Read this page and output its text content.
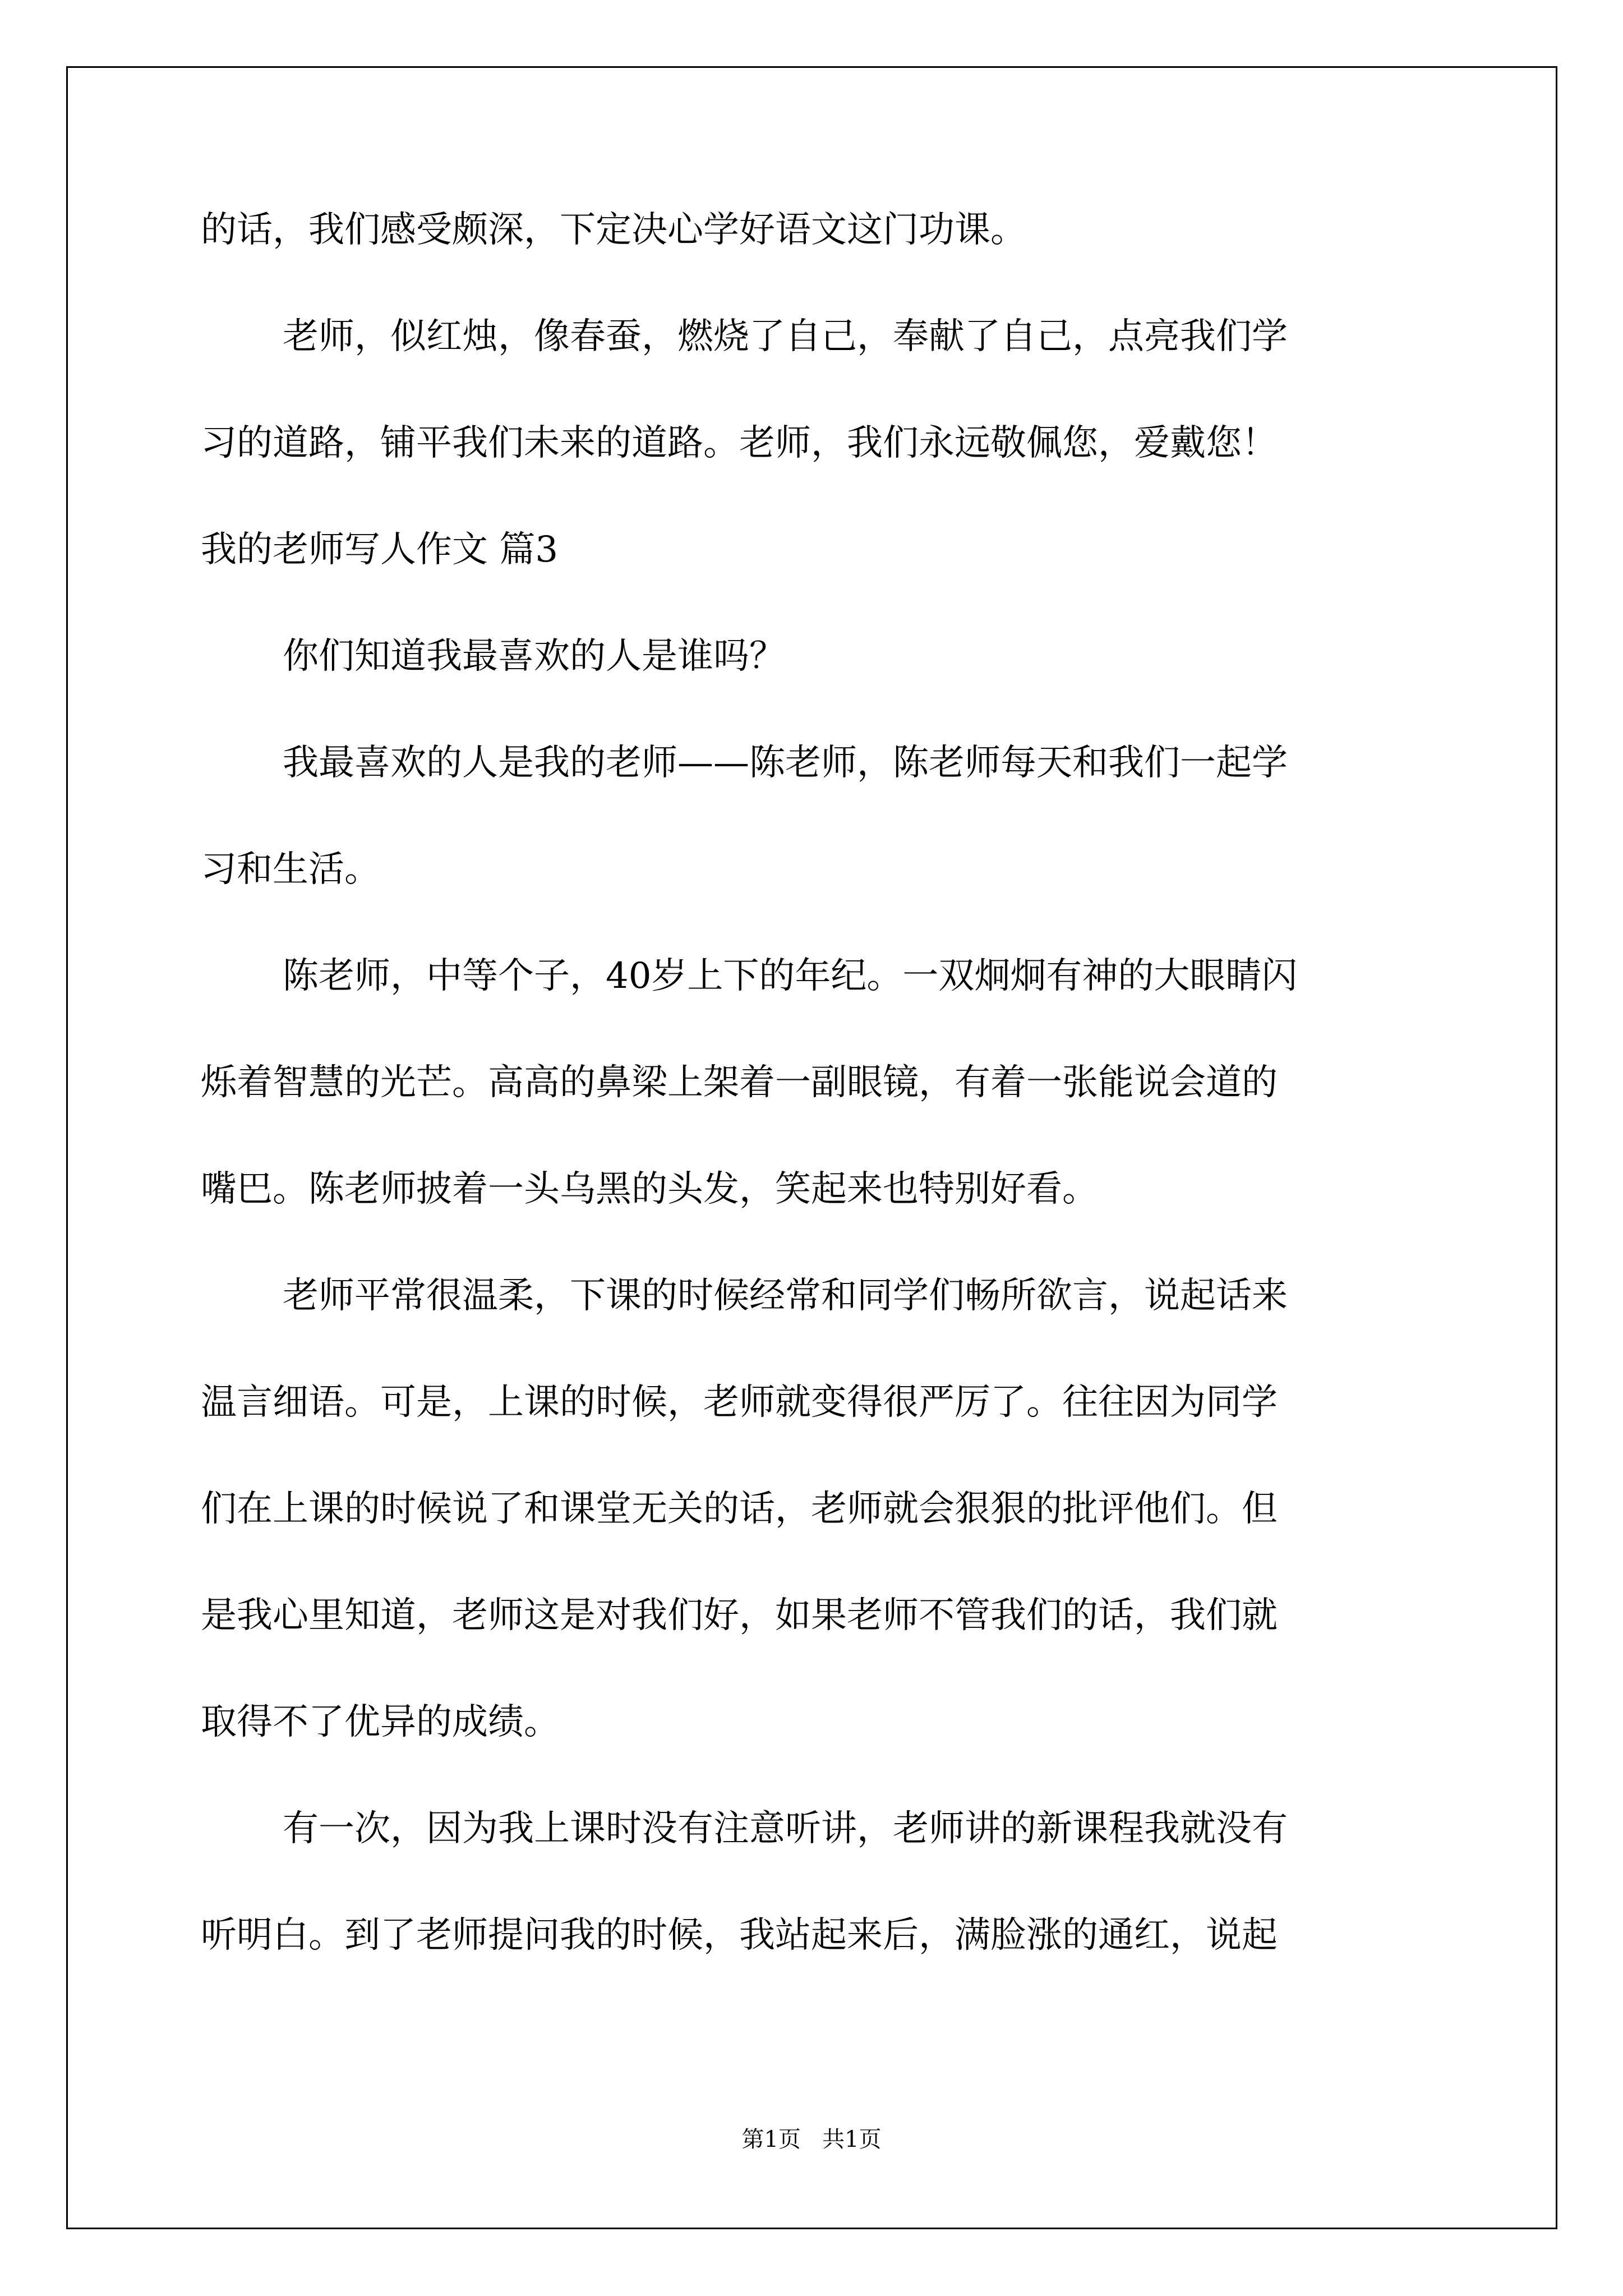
的话，我们感受颇深，下定决心学好语文这门功课。
老师，似红烛，像春蚕，燃烧了自己，奉献了自己，点亮我们学
习的道路，铺平我们未来的道路。老师，我们永远敬佩您，爱戴您！
我的老师写人作文 篇3
你们知道我最喜欢的人是谁吗？
我最喜欢的人是我的老师——陈老师，陈老师每天和我们一起学
习和生活。
陈老师，中等个子，40岁上下的年纪。一双炯炯有神的大眼睛闪
烁着智慧的光芒。高高的鼻梁上架着一副眼镜，有着一张能说会道的
嘴巴。陈老师披着一头乌黑的头发，笑起来也特别好看。
老师平常很温柔，下课的时候经常和同学们畅所欲言，说起话来
温言细语。可是，上课的时候，老师就变得很严厉了。往往因为同学
们在上课的时候说了和课堂无关的话，老师就会狠狠的批评他们。但
是我心里知道，老师这是对我们好，如果老师不管我们的话，我们就
取得不了优异的成绩。
有一次，因为我上课时没有注意听讲，老师讲的新课程我就没有
听明白。到了老师提问我的时候，我站起来后，满脸涨的通红，说起
第1页   共1页
